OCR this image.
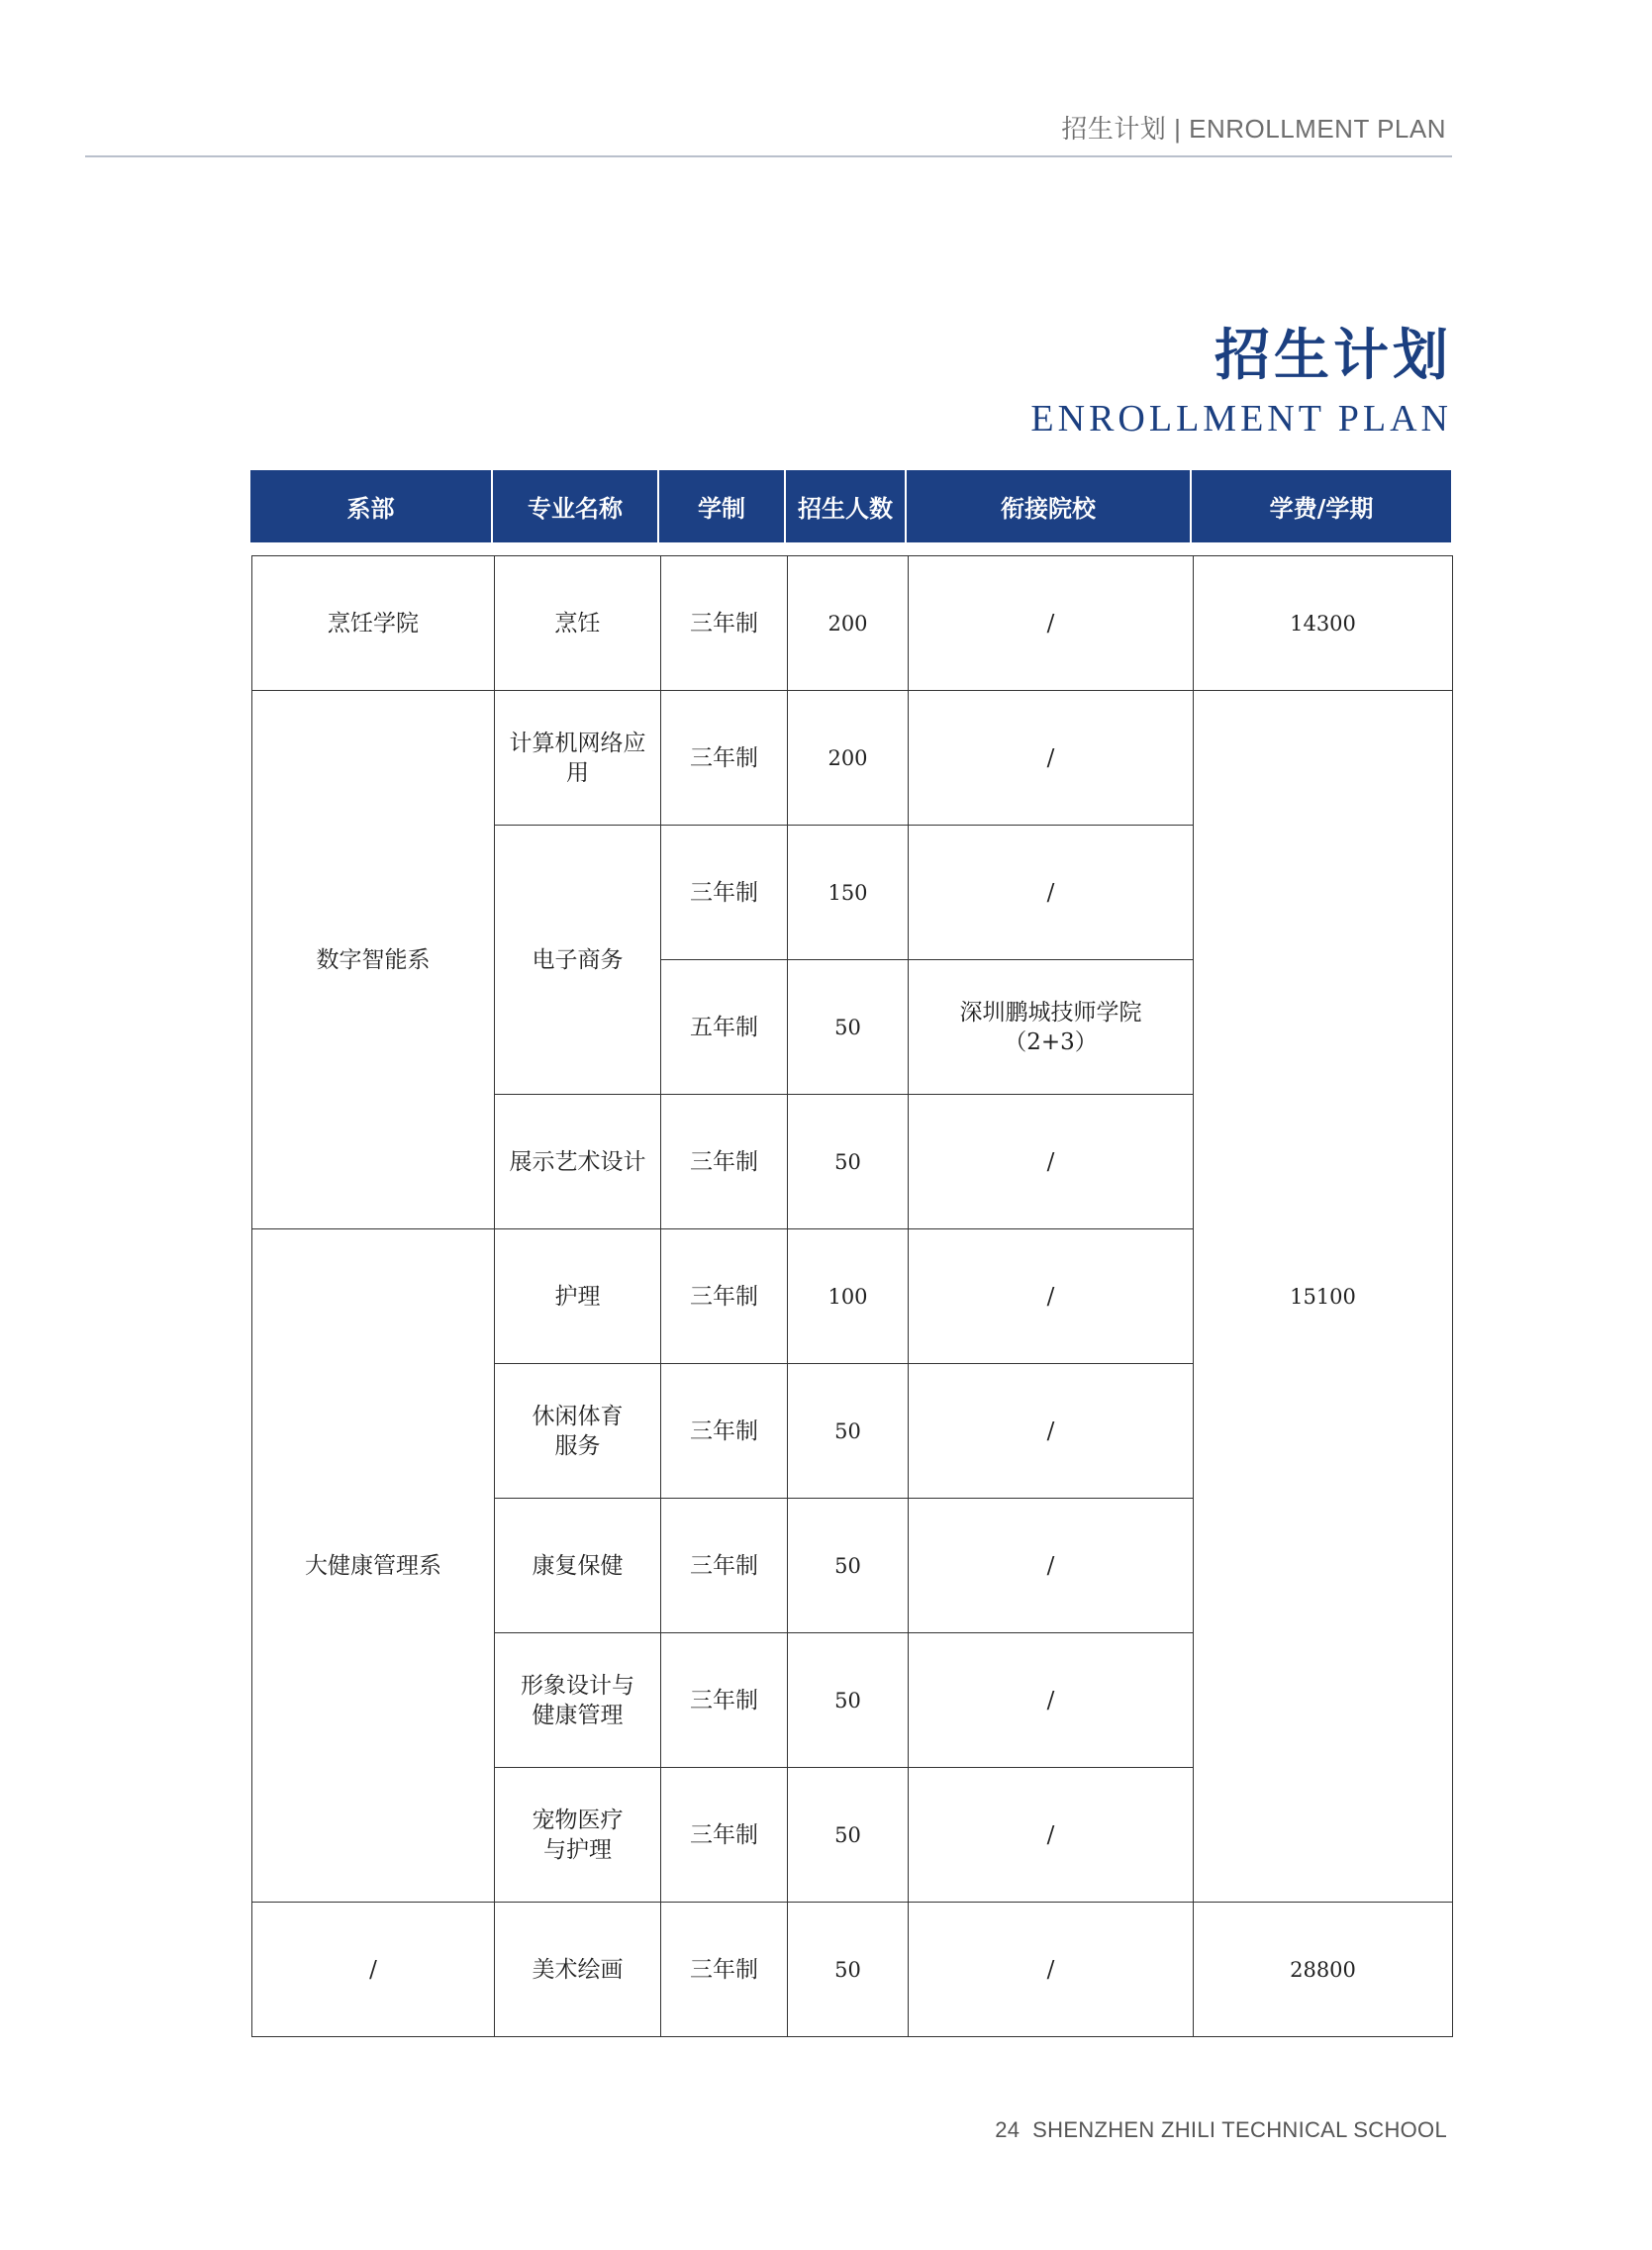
招生计划 | ENROLLMENT PLAN
招生计划
ENROLLMENT PLAN
系部	专业名称	学制	招生人数	衔接院校	学费/学期
烹饪学院	烹饪	三年制	200	/	14300
数字智能系	计算机网络应用	三年制	200	/	15100
	电子商务	三年制	150	/	
		五年制	50	深圳鹏城技师学院（2+3）	
	展示艺术设计	三年制	50	/	
大健康管理系	护理	三年制	100	/	
	休闲体育服务	三年制	50	/	
	康复保健	三年制	50	/	
	形象设计与健康管理	三年制	50	/	
	宠物医疗与护理	三年制	50	/	
/	美术绘画	三年制	50	/	28800
24 SHENZHEN ZHILI TECHNICAL SCHOOL
